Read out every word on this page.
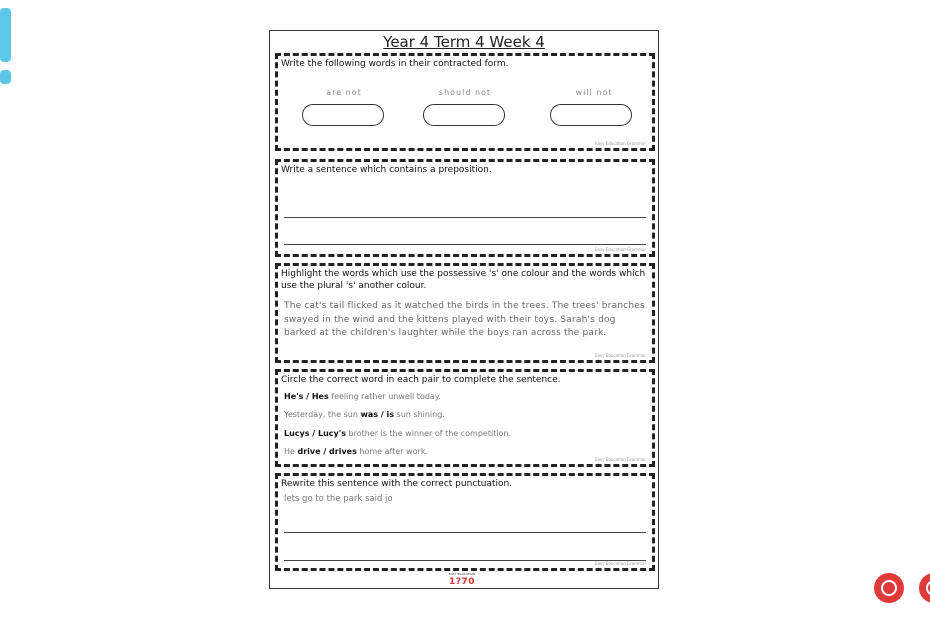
Year 4 Term 4 Week 4
Write the following words in their contracted form.
are not	should not	will not
Easy Education Grammar
Write a sentence which contains a preposition.
Easy Education Grammar
Highlight the words which use the possessive 's' one colour and the words which use the plural 's' another colour.
The cat's tail flicked as it watched the birds in the trees. The trees' branches swayed in the wind and the kittens played with their toys. Sarah's dog barked at the children's laughter while the boys ran across the park.
Easy Education Grammar
Circle the correct word in each pair to complete the sentence.
He's / Hes feeling rather unwell today.
Yesterday, the sun was / is sun shining.
Lucys / Lucy's brother is the winner of the competition.
He drive / drives home after work.
Easy Education Grammar
Rewrite this sentence with the correct punctuation.
lets go to the park said jo
Easy Education Grammar
EASY EDUCATION
1?70
